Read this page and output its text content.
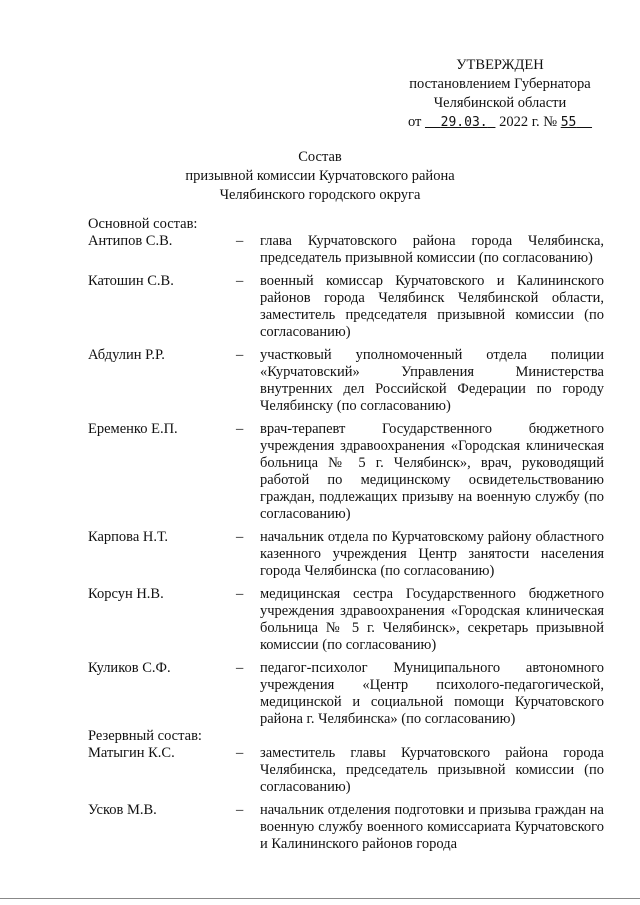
УТВЕРЖДЕН
постановлением Губернатора
Челябинской области
от 29.03. 2022 г. № 55
Состав
призывной комиссии Курчатовского района
Челябинского городского округа
Основной состав:
Антипов С.В.	–	глава Курчатовского района города Челябинска, председатель призывной комиссии (по согласованию)
Катошин С.В.	–	военный комиссар Курчатовского и Калининского районов города Челябинск Челябинской области, заместитель председателя призывной комиссии (по согласованию)
Абдулин Р.Р.	–	участковый уполномоченный отдела полиции «Курчатовский» Управления Министерства внутренних дел Российской Федерации по городу Челябинску (по согласованию)
Еременко Е.П.	–	врач-терапевт Государственного бюджетного учреждения здравоохранения «Городская клиническая больница № 5 г. Челябинск», врач, руководящий работой по медицинскому освидетельствованию граждан, подлежащих призыву на военную службу (по согласованию)
Карпова Н.Т.	–	начальник отдела по Курчатовскому району областного казенного учреждения Центр занятости населения города Челябинска (по согласованию)
Корсун Н.В.	–	медицинская сестра Государственного бюджетного учреждения здравоохранения «Городская клиническая больница № 5 г. Челябинск», секретарь призывной комиссии (по согласованию)
Куликов С.Ф.	–	педагог-психолог Муниципального автономного учреждения «Центр психолого-педагогической, медицинской и социальной помощи Курчатовского района г. Челябинска» (по согласованию)
Резервный состав:
Матыгин К.С.	–	заместитель главы Курчатовского района города Челябинска, председатель призывной комиссии (по согласованию)
Усков М.В.	–	начальник отделения подготовки и призыва граждан на военную службу военного комиссариата Курчатовского и Калининского районов города
